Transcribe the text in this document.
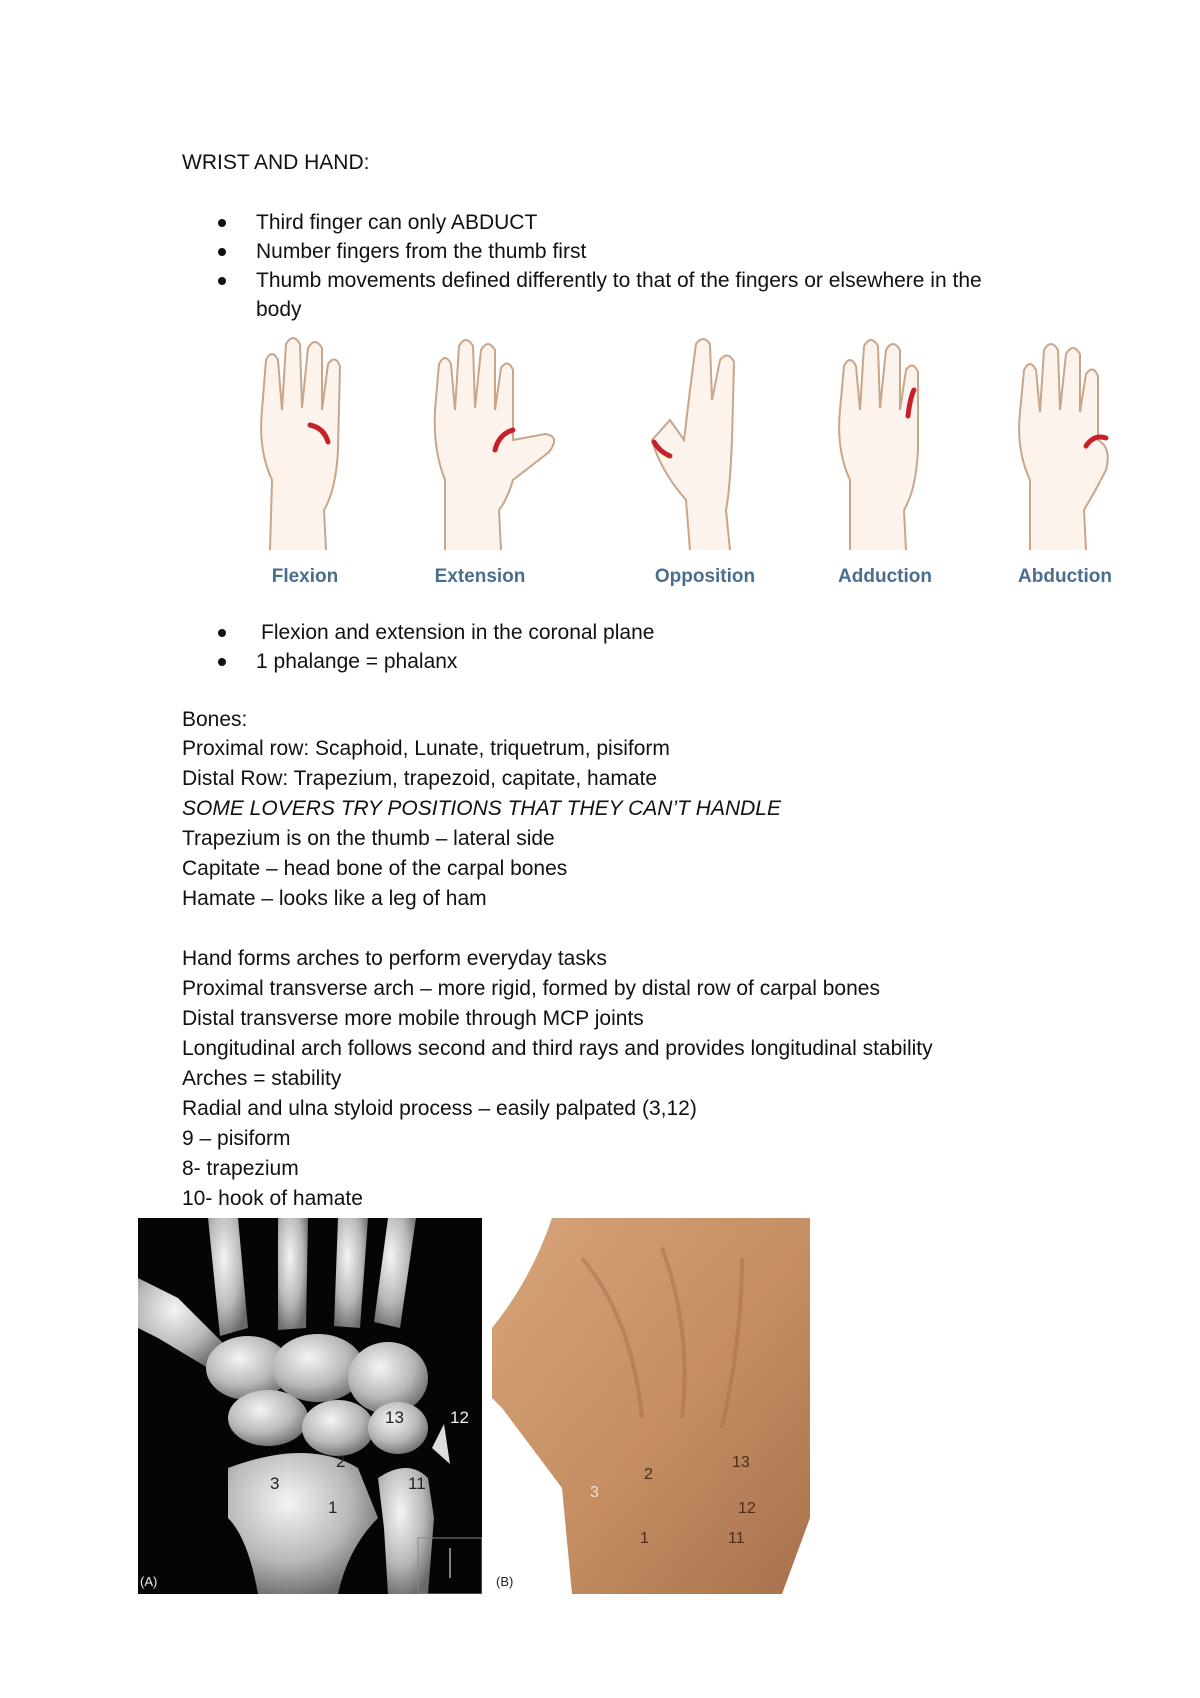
WRIST AND HAND:
Third finger can only ABDUCT
Number fingers from the thumb first
Thumb movements defined differently to that of the fingers or elsewhere in the body
Flexion	Extension	Opposition	Adduction	Abduction
Flexion and extension in the coronal plane
1 phalange = phalanx
Bones:
Proximal row: Scaphoid, Lunate, triquetrum, pisiform
Distal Row: Trapezium, trapezoid, capitate, hamate
SOME LOVERS TRY POSITIONS THAT THEY CAN’T HANDLE
Trapezium is on the thumb – lateral side
Capitate – head bone of the carpal bones
Hamate – looks like a leg of ham
Hand forms arches to perform everyday tasks
Proximal transverse arch – more rigid, formed by distal row of carpal bones
Distal transverse more mobile through MCP joints
Longitudinal arch follows second and third rays and provides longitudinal stability
Arches = stability
Radial and ulna styloid process – easily palpated (3,12)
9 – pisiform
8- trapezium
10- hook of hamate
13	12
2
3	11
1
(A)
2
13
3
12
1	11
(B)
